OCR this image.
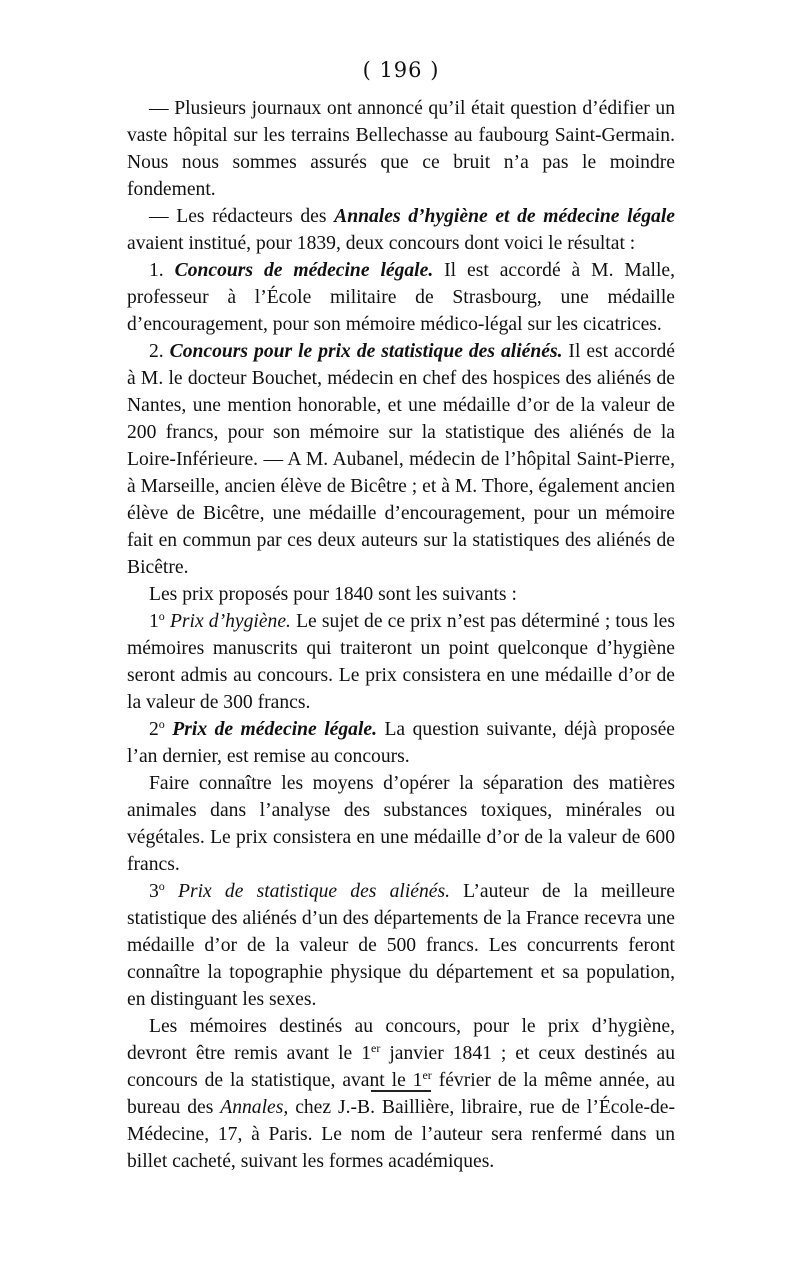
( 196 )

— Plusieurs journaux ont annoncé qu’il était question d’édifier un vaste hôpital sur les terrains Bellechasse au faubourg Saint-Germain. Nous nous sommes assurés que ce bruit n’a pas le moindre fondement.

— Les rédacteurs des Annales d’hygiène et de médecine légale avaient institué, pour 1839, deux concours dont voici le résultat :

1. Concours de médecine légale. Il est accordé à M. Malle, professeur à l’École militaire de Strasbourg, une médaille d’encouragement, pour son mémoire médico-légal sur les cicatrices.

2. Concours pour le prix de statistique des aliénés. Il est accordé à M. le docteur Bouchet, médecin en chef des hospices des aliénés de Nantes, une mention honorable, et une médaille d’or de la valeur de 200 francs, pour son mémoire sur la statistique des aliénés de la Loire-Inférieure. — A M. Aubanel, médecin de l’hôpital Saint-Pierre, à Marseille, ancien élève de Bicêtre ; et à M. Thore, également ancien élève de Bicêtre, une médaille d’encouragement, pour un mémoire fait en commun par ces deux auteurs sur la statistiques des aliénés de Bicêtre.

Les prix proposés pour 1840 sont les suivants :

1$^o$ Prix d’hygiène. Le sujet de ce prix n’est pas déterminé ; tous les mémoires manuscrits qui traiteront un point quelconque d’hygiène seront admis au concours. Le prix consistera en une médaille d’or de la valeur de 300 francs.

2$^o$ Prix de médecine légale. La question suivante, déjà proposée l’an dernier, est remise au concours.

Faire connaître les moyens d’opérer la séparation des matières animales dans l’analyse des substances toxiques, minérales ou végétales. Le prix consistera en une médaille d’or de la valeur de 600 francs.

3$^o$ Prix de statistique des aliénés. L’auteur de la meilleure statistique des aliénés d’un des départements de la France recevra une médaille d’or de la valeur de 500 francs. Les concurrents feront connaître la topographie physique du département et sa population, en distinguant les sexes.

Les mémoires destinés au concours, pour le prix d’hygiène, devront être remis avant le 1er janvier 1841 ; et ceux destinés au concours de la statistique, avant le 1er février de la même année, au bureau des Annales, chez J.-B. Baillière, libraire, rue de l’École-de-Médecine, 17, à Paris. Le nom de l’auteur sera renfermé dans un billet cacheté, suivant les formes académiques.
